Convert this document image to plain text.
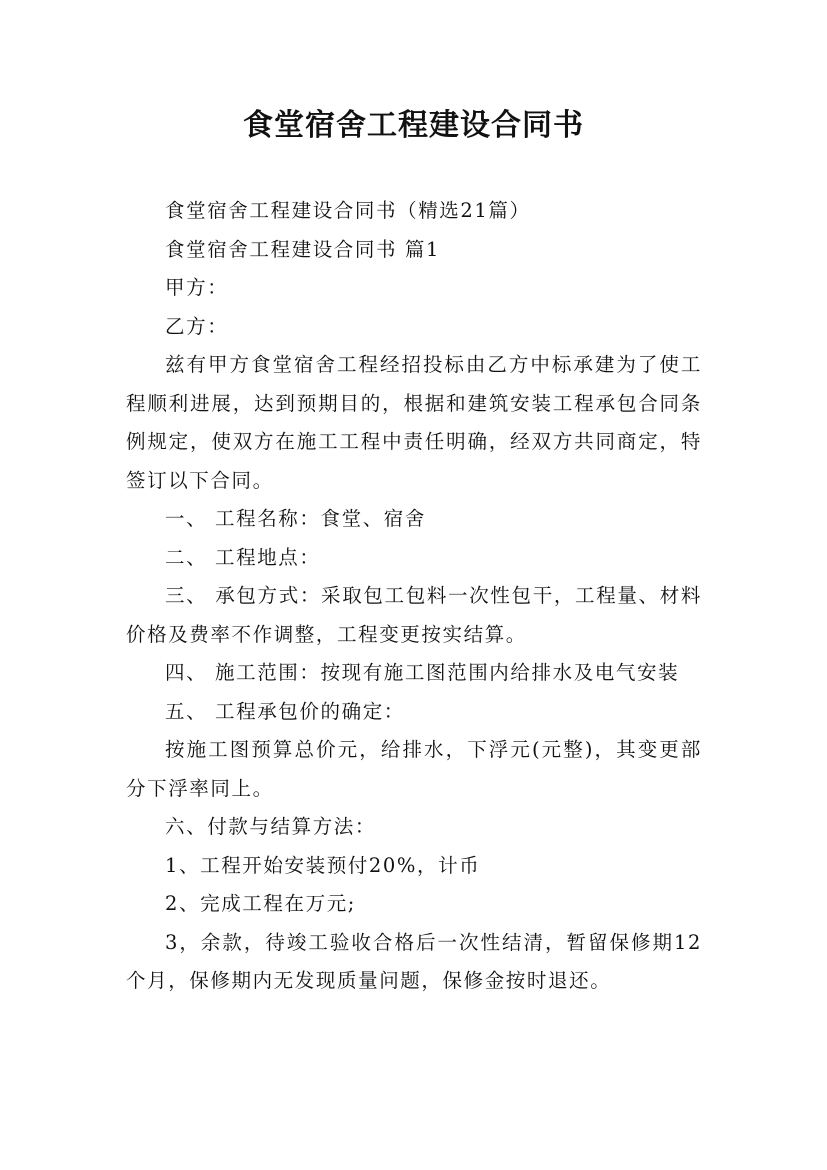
食堂宿舍工程建设合同书

食堂宿舍工程建设合同书（精选21篇）

食堂宿舍工程建设合同书 篇1

甲方：

乙方：

兹有甲方食堂宿舍工程经招投标由乙方中标承建为了使工程顺利进展，达到预期目的，根据和建筑安装工程承包合同条例规定，使双方在施工工程中责任明确，经双方共同商定，特签订以下合同。

一、 工程名称：食堂、宿舍

二、 工程地点：

三、 承包方式：采取包工包料一次性包干，工程量、材料价格及费率不作调整，工程变更按实结算。

四、 施工范围：按现有施工图范围内给排水及电气安装

五、 工程承包价的确定：

按施工图预算总价元，给排水，下浮元(元整)，其变更部分下浮率同上。

六、付款与结算方法：

1、工程开始安装预付20%，计币

2、完成工程在万元;

3，余款，待竣工验收合格后一次性结清，暂留保修期12个月，保修期内无发现质量问题，保修金按时退还。
